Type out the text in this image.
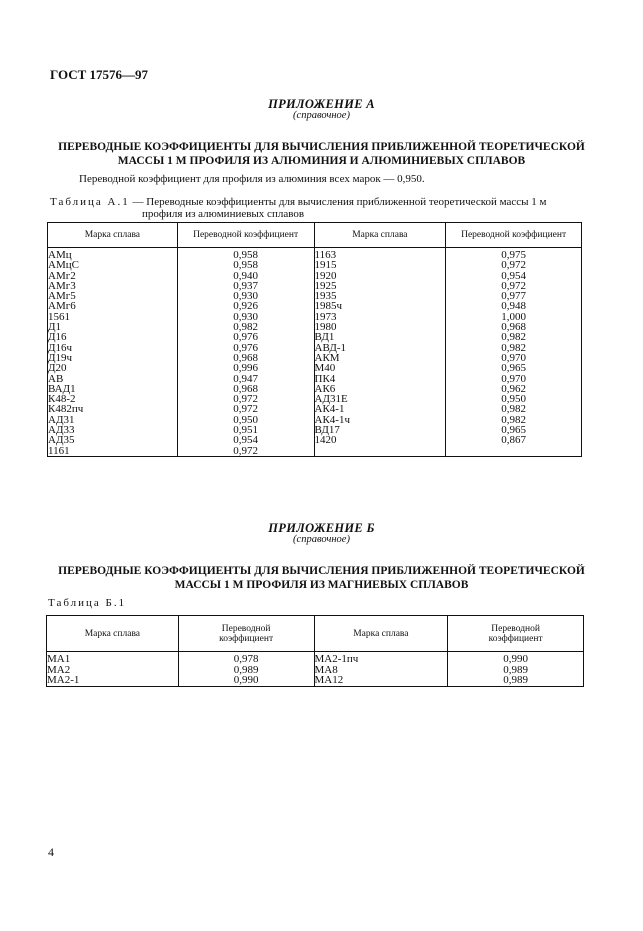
ГОСТ 17576—97
ПРИЛОЖЕНИЕ А
(справочное)
ПЕРЕВОДНЫЕ КОЭФФИЦИЕНТЫ ДЛЯ ВЫЧИСЛЕНИЯ ПРИБЛИЖЕННОЙ ТЕОРЕТИЧЕСКОЙ
МАССЫ 1 М ПРОФИЛЯ ИЗ АЛЮМИНИЯ И АЛЮМИНИЕВЫХ СПЛАВОВ
Переводной коэффициент для профиля из алюминия всех марок — 0,950.
Таблица А.1 — Переводные коэффициенты для вычисления приближенной теоретической массы 1 м
профиля из алюминиевых сплавов
Марка сплава	Переводной коэффициент	Марка сплава	Переводной коэффициент
АМц	0,958	1163	0,975
АМцС	0,958	1915	0,972
АМг2	0,940	1920	0,954
АМг3	0,937	1925	0,972
АМг5	0,930	1935	0,977
АМг6	0,926	1985ч	0,948
1561	0,930	1973	1,000
Д1	0,982	1980	0,968
Д16	0,976	ВД1	0,982
Д16ч	0,976	АВД-1	0,982
Д19ч	0,968	АКМ	0,970
Д20	0,996	М40	0,965
АВ	0,947	ПК4	0,970
ВАД1	0,968	АК6	0,962
К48-2	0,972	АД31Е	0,950
К482пч	0,972	АК4-1	0,982
АД31	0,950	АК4-1ч	0,982
АД33	0,951	ВД17	0,965
АД35	0,954	1420	0,867
1161	0,972		
ПРИЛОЖЕНИЕ Б
(справочное)
ПЕРЕВОДНЫЕ КОЭФФИЦИЕНТЫ ДЛЯ ВЫЧИСЛЕНИЯ ПРИБЛИЖЕННОЙ ТЕОРЕТИЧЕСКОЙ
МАССЫ 1 М ПРОФИЛЯ ИЗ МАГНИЕВЫХ СПЛАВОВ
Таблица Б.1
Марка сплава	Переводной
коэффициент	Марка сплава	Переводной
коэффициент
МА1	0,978	МА2-1пч	0,990
МА2	0,989	МА8	0,989
МА2-1	0,990	МА12	0,989
4
